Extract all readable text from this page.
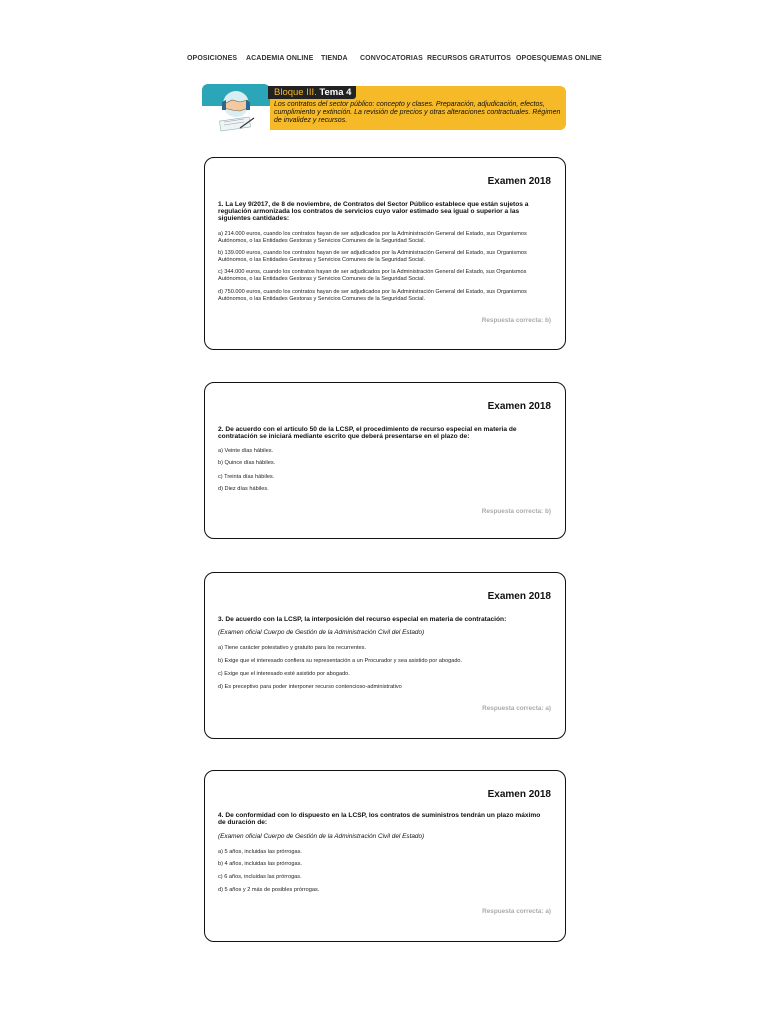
OPOSICIONES ACADEMIA ONLINE TIENDA CONVOCATORIAS RECURSOS GRATUITOS OPOESQUEMAS ONLINE
Bloque III. Tema 4
Los contratos del sector público: concepto y clases. Preparación, adjudicación, efectos, cumplimiento y extinción. La revisión de precios y otras alteraciones contractuales. Régimen de invalidez y recursos.
Examen 2018
1. La Ley 9/2017, de 8 de noviembre, de Contratos del Sector Público establece que están sujetos a regulación armonizada los contratos de servicios cuyo valor estimado sea igual o superior a las siguientes cantidades:
a) 214.000 euros, cuando los contratos hayan de ser adjudicados por la Administración General del Estado, sus Organismos Autónomos, o las Entidades Gestoras y Servicios Comunes de la Seguridad Social.
b) 139.000 euros, cuando los contratos hayan de ser adjudicados por la Administración General del Estado, sus Organismos Autónomos, o las Entidades Gestoras y Servicios Comunes de la Seguridad Social.
c) 344.000 euros, cuando los contratos hayan de ser adjudicados por la Administración General del Estado, sus Organismos Autónomos, o las Entidades Gestoras y Servicios Comunes de la Seguridad Social.
d) 750.000 euros, cuando los contratos hayan de ser adjudicados por la Administración General del Estado, sus Organismos Autónomos, o las Entidades Gestoras y Servicios Comunes de la Seguridad Social.
Respuesta correcta: b)
Examen 2018
2. De acuerdo con el artículo 50 de la LCSP, el procedimiento de recurso especial en materia de contratación se iniciará mediante escrito que deberá presentarse en el plazo de:
a) Veinte días hábiles.
b) Quince días hábiles.
c) Treinta días hábiles.
d) Diez días hábiles.
Respuesta correcta: b)
Examen 2018
3. De acuerdo con la LCSP, la interposición del recurso especial en materia de contratación:
(Examen oficial Cuerpo de Gestión de la Administración Civil del Estado)
a) Tiene carácter potestativo y gratuito para los recurrentes.
b) Exige que el interesado confiera su representación a un Procurador y sea asistido por abogado.
c) Exige que el interesado esté asistido por abogado.
d) Es preceptivo para poder interponer recurso contencioso-administrativo
Respuesta correcta: a)
Examen 2018
4. De conformidad con lo dispuesto en la LCSP, los contratos de suministros tendrán un plazo máximo de duración de:
(Examen oficial Cuerpo de Gestión de la Administración Civil del Estado)
a) 5 años, incluidas las prórrogas.
b) 4 años, incluidas las prórrogas.
c) 6 años, incluidas las prórrogas.
d) 5 años y 2 más de posibles prórrogas.
Respuesta correcta: a)
